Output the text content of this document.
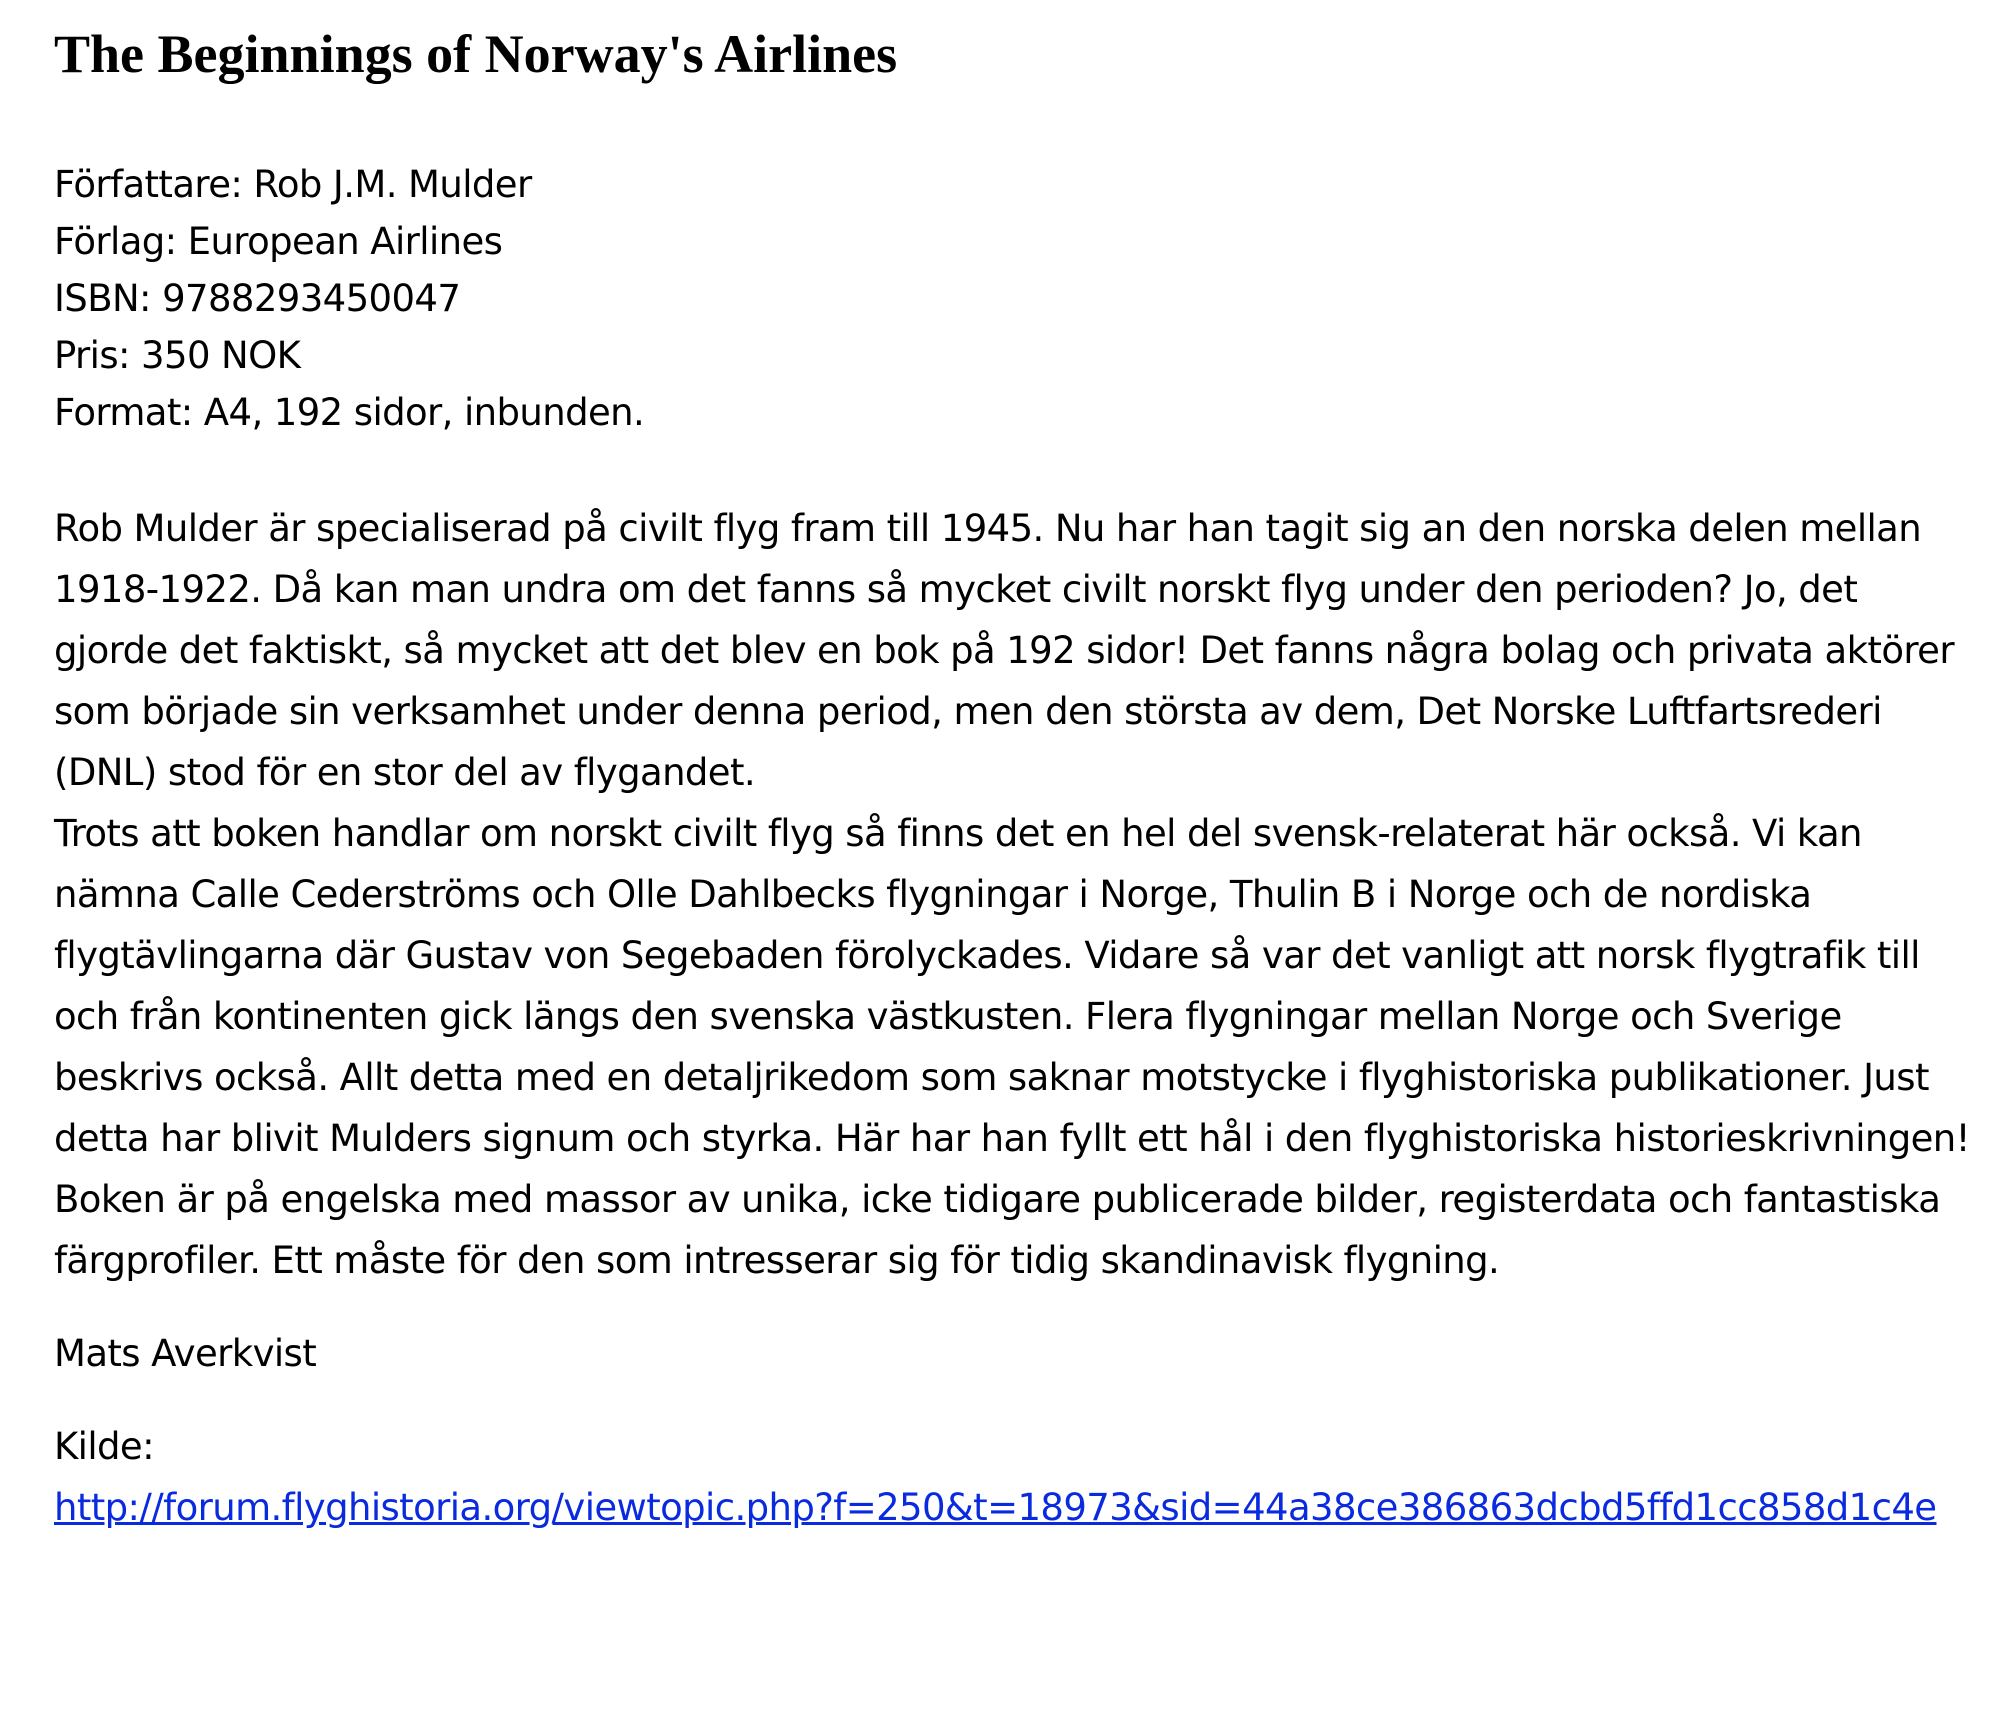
The Beginnings of Norway's Airlines
Författare: Rob J.M. Mulder
Förlag: European Airlines
ISBN: 9788293450047
Pris: 350 NOK
Format: A4, 192 sidor, inbunden.

Rob Mulder är specialiserad på civilt flyg fram till 1945. Nu har han tagit sig an den norska delen mellan 1918-1922. Då kan man undra om det fanns så mycket civilt norskt flyg under den perioden? Jo, det gjorde det faktiskt, så mycket att det blev en bok på 192 sidor! Det fanns några bolag och privata aktörer som började sin verksamhet under denna period, men den största av dem, Det Norske Luftfartsrederi (DNL) stod för en stor del av flygandet.

Trots att boken handlar om norskt civilt flyg så finns det en hel del svensk-relaterat här också. Vi kan nämna Calle Cederströms och Olle Dahlbecks flygningar i Norge, Thulin B i Norge och de nordiska flygtävlingarna där Gustav von Segebaden förolyckades. Vidare så var det vanligt att norsk flygtrafik till och från kontinenten gick längs den svenska västkusten. Flera flygningar mellan Norge och Sverige beskrivs också. Allt detta med en detaljrikedom som saknar motstycke i flyghistoriska publikationer. Just detta har blivit Mulders signum och styrka. Här har han fyllt ett hål i den flyghistoriska historieskrivningen!

Boken är på engelska med massor av unika, icke tidigare publicerade bilder, registerdata och fantastiska färgprofiler. Ett måste för den som intresserar sig för tidig skandinavisk flygning.

Mats Averkvist
Kilde:
http://forum.flyghistoria.org/viewtopic.php?f=250&t=18973&sid=44a38ce386863dcbd5ffd1cc858d1c4e
